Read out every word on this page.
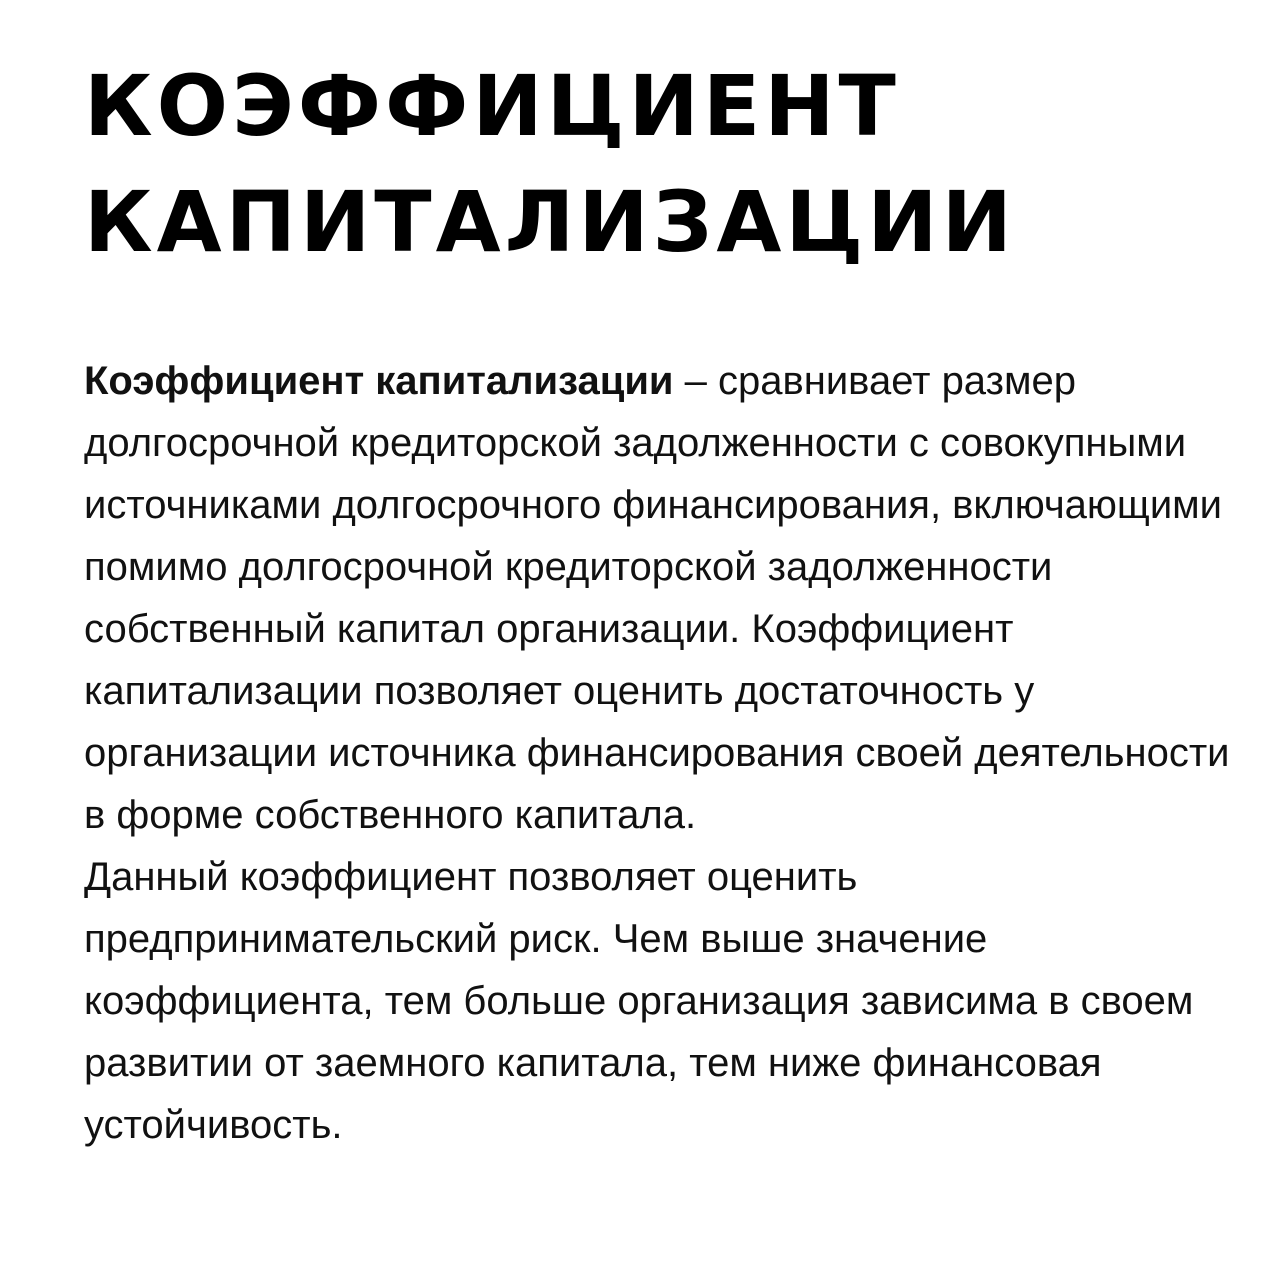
КОЭФФИЦИЕНТ
КАПИТАЛИЗАЦИИ

Коэффициент капитализации – сравнивает размер долгосрочной кредиторской задолженности с совокупными источниками долгосрочного финансирования, включающими помимо долгосрочной кредиторской задолженности собственный капитал организации. Коэффициент капитализации позволяет оценить достаточность у организации источника финансирования своей деятельности в форме собственного капитала.

Данный коэффициент позволяет оценить предпринимательский риск. Чем выше значение коэффициента, тем больше организация зависима в своем развитии от заемного капитала, тем ниже финансовая устойчивость.
